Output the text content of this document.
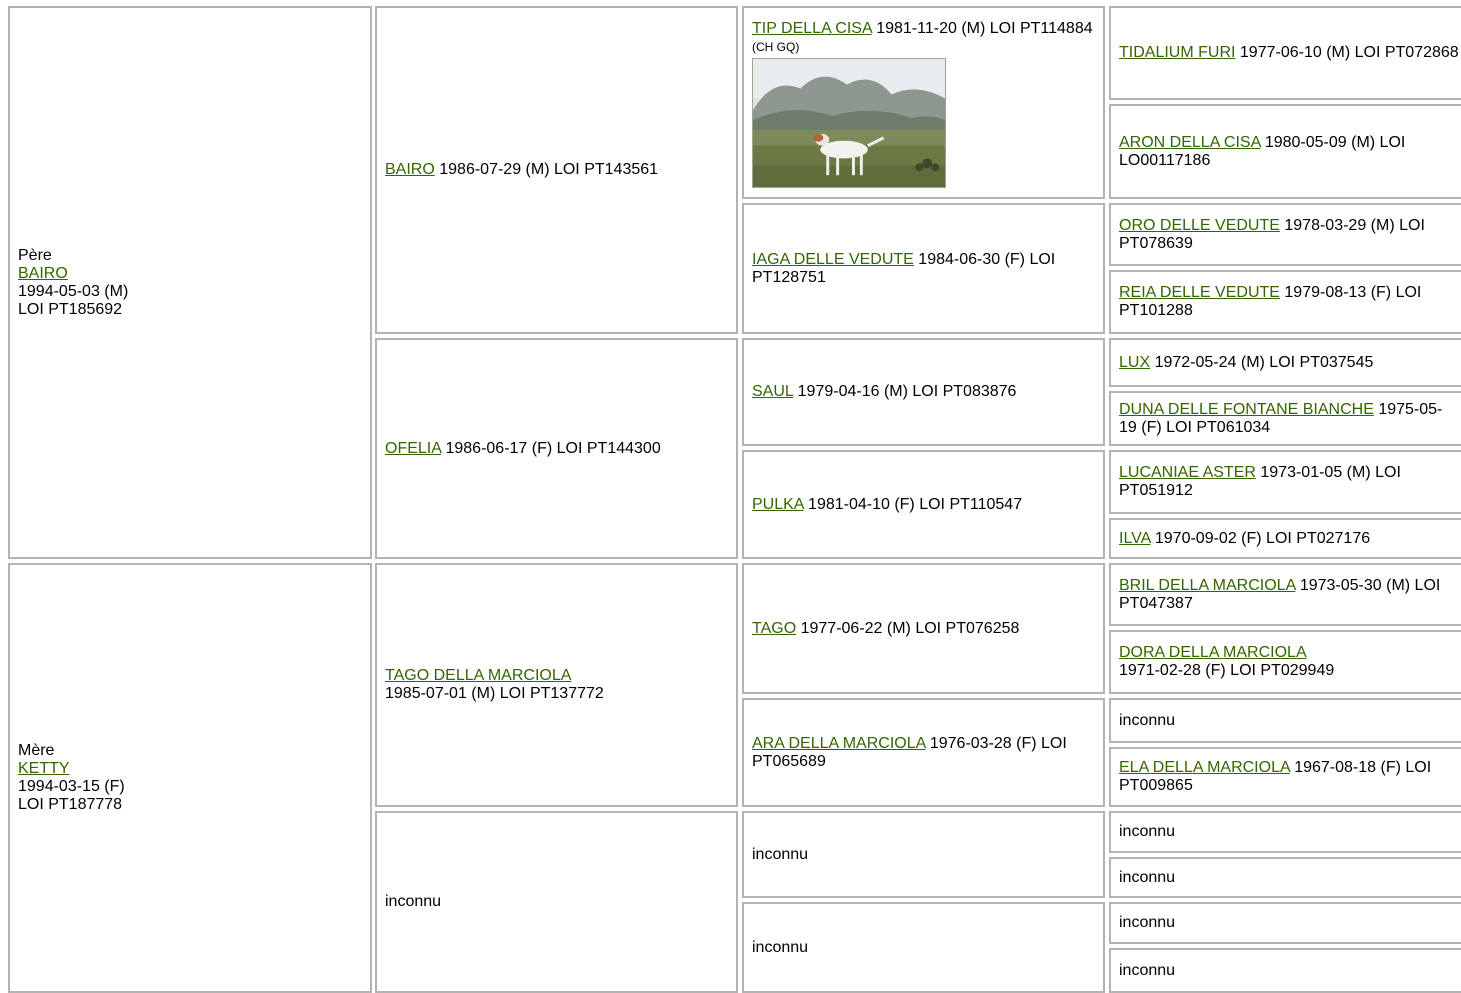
Père
BAIRO
1994-05-03 (M)
LOI PT185692
Mère
KETTY
1994-03-15 (F)
LOI PT187778
BAIRO 1986-07-29 (M) LOI PT143561
OFELIA 1986-06-17 (F) LOI PT144300
TAGO DELLA MARCIOLA
1985-07-01 (M) LOI PT137772
inconnu
TIP DELLA CISA 1981-11-20 (M) LOI PT114884 (CH GQ)
IAGA DELLE VEDUTE 1984-06-30 (F) LOI PT128751
SAUL 1979-04-16 (M) LOI PT083876
PULKA 1981-04-10 (F) LOI PT110547
TAGO 1977-06-22 (M) LOI PT076258
ARA DELLA MARCIOLA 1976-03-28 (F) LOI PT065689
inconnu
inconnu
TIDALIUM FURI 1977-06-10 (M) LOI PT072868
ARON DELLA CISA 1980-05-09 (M) LOI LO00117186
ORO DELLE VEDUTE 1978-03-29 (M) LOI PT078639
REIA DELLE VEDUTE 1979-08-13 (F) LOI PT101288
LUX 1972-05-24 (M) LOI PT037545
DUNA DELLE FONTANE BIANCHE 1975-05-19 (F) LOI PT061034
LUCANIAE ASTER 1973-01-05 (M) LOI PT051912
ILVA 1970-09-02 (F) LOI PT027176
BRIL DELLA MARCIOLA 1973-05-30 (M) LOI PT047387
DORA DELLA MARCIOLA
1971-02-28 (F) LOI PT029949
inconnu
ELA DELLA MARCIOLA 1967-08-18 (F) LOI PT009865
inconnu
inconnu
inconnu
inconnu
